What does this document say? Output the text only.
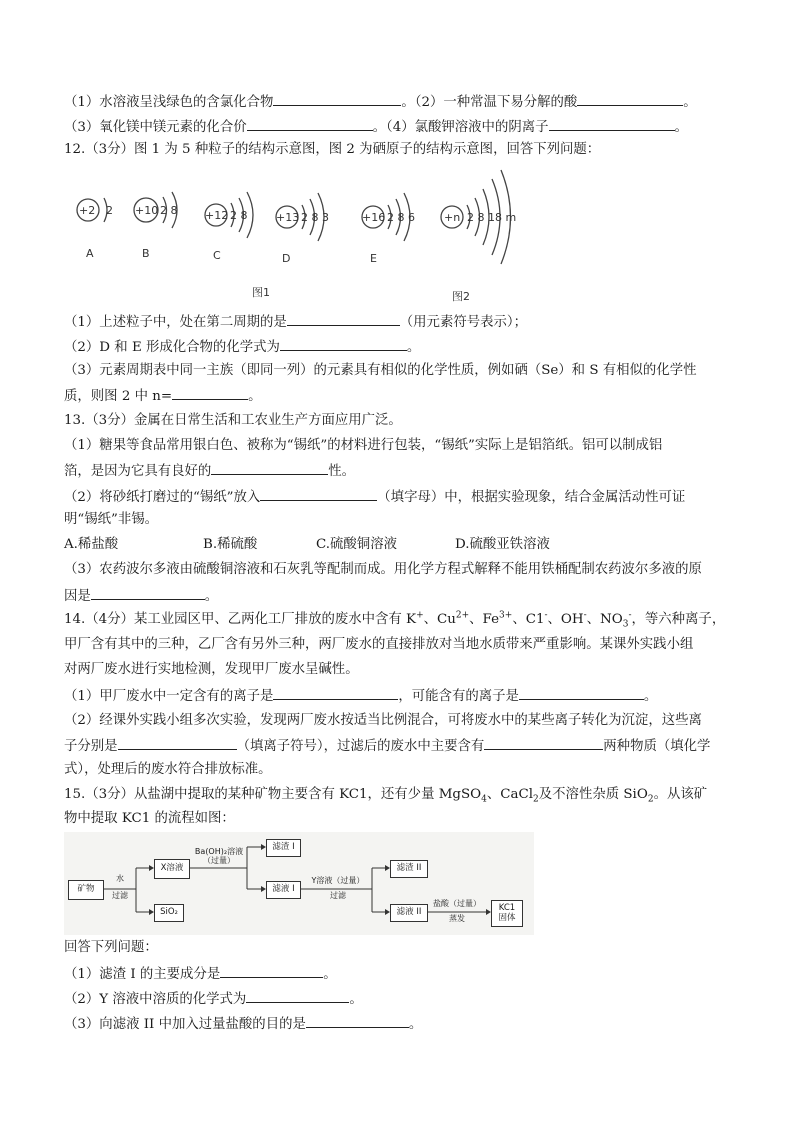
（1）水溶液呈浅绿色的含氯化合物	。（2）一种常温下易分解的酸	。
（3）氧化镁中镁元素的化合价	。（4）氯酸钾溶液中的阴离子	。
12.（3分）图 1 为 5 种粒子的结构示意图，图 2 为硒原子的结构示意图，回答下列问题：
+2 2 +10 2 8	+12 2 8	+13 2 8 3	+16 2 8 6	+n 2 8 18 m
A	B	C	D	E
图1	图2
（1）上述粒子中，处在第二周期的是	（用元素符号表示）；
（2）D 和 E 形成化合物的化学式为	。
（3）元素周期表中同一主族（即同一列）的元素具有相似的化学性质，例如硒（Se）和 S 有相似的化学性
质，则图 2 中 n=	。
13.（3分）金属在日常生活和工农业生产方面应用广泛。
（1）糖果等食品常用银白色、被称为“锡纸”的材料进行包装，“锡纸”实际上是铝箔纸。铝可以制成铝
箔，是因为它具有良好的	性。
（2）将砂纸打磨过的“锡纸”放入	（填字母）中，根据实验现象，结合金属活动性可证
明“锡纸”非锡。
A.稀盐酸	B.稀硫酸	C.硫酸铜溶液	D.硫酸亚铁溶液
（3）农药波尔多液由硫酸铜溶液和石灰乳等配制而成。用化学方程式解释不能用铁桶配制农药波尔多液的原
因是	。
14.（4分）某工业园区甲、乙两化工厂排放的废水中含有 K+、$Cu^{2+}$、$Fe^{3+}$、C1-、OH-、$NO_3^-$，等六种离子，
甲厂含有其中的三种，乙厂含有另外三种，两厂废水的直接排放对当地水质带来严重影响。某课外实践小组
对两厂废水进行实地检测，发现甲厂废水呈碱性。
（1）甲厂废水中一定含有的离子是	，可能含有的离子是	。
（2）经课外实践小组多次实验，发现两厂废水按适当比例混合，可将废水中的某些离子转化为沉淀，这些离
子分别是	（填离子符号），过滤后的废水中主要含有	两种物质（填化学
式），处理后的废水符合排放标准。
15.（3分）从盐湖中提取的某种矿物主要含有 KC1，还有少量 MgSO$_4$、CaCl$_2$及不溶性杂质 SiO$_2$。从该矿
物中提取 KC1 的流程如图：
矿物
水
过滤
X溶液
SiO₂
Ba(OH)₂溶液
（过量）
滤渣 I
滤液 I
Y溶液（过量）
过滤
滤渣 II
滤液 II
盐酸（过量）
蒸发
KC1
固体
回答下列问题：
（1）滤渣 I 的主要成分是	。
（2）Y 溶液中溶质的化学式为	。
（3）向滤液 II 中加入过量盐酸的目的是	。
